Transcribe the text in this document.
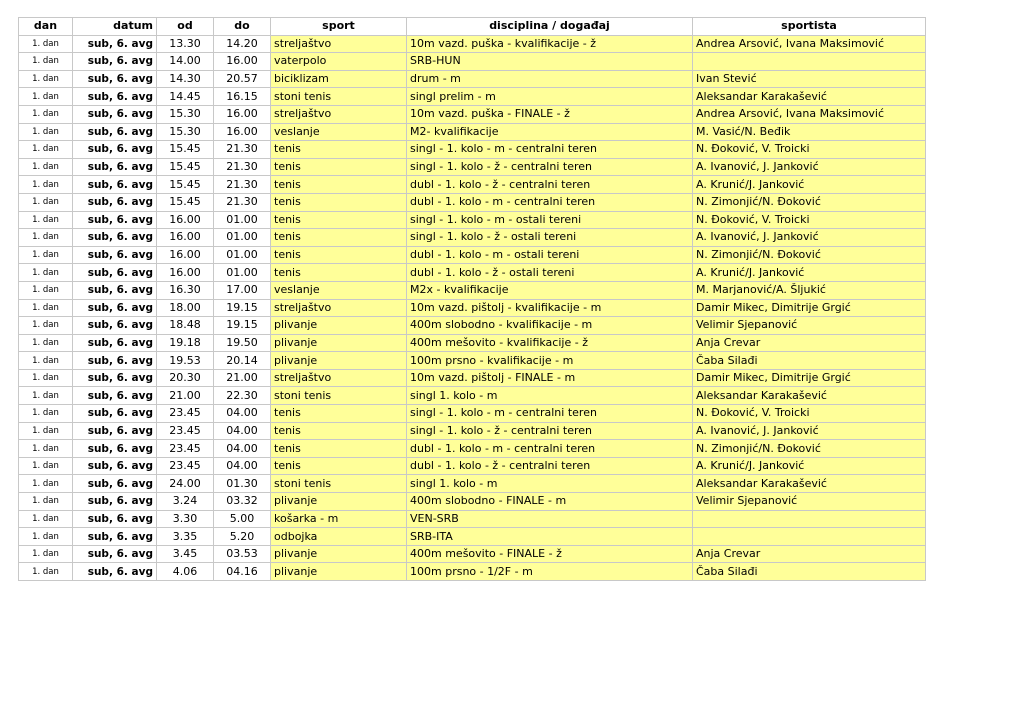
dan	datum	od	do	sport	disciplina / događaj	sportista
1. dan	sub, 6. avg	13.30	14.20	streljaštvo	10m vazd. puška - kvalifikacije - ž	Andrea Arsović, Ivana Maksimović
1. dan	sub, 6. avg	14.00	16.00	vaterpolo	SRB-HUN	
1. dan	sub, 6. avg	14.30	20.57	biciklizam	drum - m	Ivan Stević
1. dan	sub, 6. avg	14.45	16.15	stoni tenis	singl prelim - m	Aleksandar Karakašević
1. dan	sub, 6. avg	15.30	16.00	streljaštvo	10m vazd. puška - FINALE - ž	Andrea Arsović, Ivana Maksimović
1. dan	sub, 6. avg	15.30	16.00	veslanje	M2- kvalifikacije	M. Vasić/N. Beđik
1. dan	sub, 6. avg	15.45	21.30	tenis	singl - 1. kolo - m - centralni teren	N. Đoković, V. Troicki
1. dan	sub, 6. avg	15.45	21.30	tenis	singl - 1. kolo - ž - centralni teren	A. Ivanović, J. Janković
1. dan	sub, 6. avg	15.45	21.30	tenis	dubl - 1. kolo - ž - centralni teren	A. Krunić/J. Janković
1. dan	sub, 6. avg	15.45	21.30	tenis	dubl - 1. kolo - m - centralni teren	N. Zimonjić/N. Đoković
1. dan	sub, 6. avg	16.00	01.00	tenis	singl - 1. kolo - m - ostali tereni	N. Đoković, V. Troicki
1. dan	sub, 6. avg	16.00	01.00	tenis	singl - 1. kolo - ž - ostali tereni	A. Ivanović, J. Janković
1. dan	sub, 6. avg	16.00	01.00	tenis	dubl - 1. kolo - m - ostali tereni	N. Zimonjić/N. Đoković
1. dan	sub, 6. avg	16.00	01.00	tenis	dubl - 1. kolo - ž - ostali tereni	A. Krunić/J. Janković
1. dan	sub, 6. avg	16.30	17.00	veslanje	M2x - kvalifikacije	M. Marjanović/A. Šljukić
1. dan	sub, 6. avg	18.00	19.15	streljaštvo	10m vazd. pištolj - kvalifikacije - m	Damir Mikec, Dimitrije Grgić
1. dan	sub, 6. avg	18.48	19.15	plivanje	400m slobodno - kvalifikacije - m	Velimir Sjepanović
1. dan	sub, 6. avg	19.18	19.50	plivanje	400m mešovito - kvalifikacije - ž	Anja Crevar
1. dan	sub, 6. avg	19.53	20.14	plivanje	100m prsno - kvalifikacije - m	Čaba Silađi
1. dan	sub, 6. avg	20.30	21.00	streljaštvo	10m vazd. pištolj - FINALE - m	Damir Mikec, Dimitrije Grgić
1. dan	sub, 6. avg	21.00	22.30	stoni tenis	singl 1. kolo - m	Aleksandar Karakašević
1. dan	sub, 6. avg	23.45	04.00	tenis	singl - 1. kolo - m - centralni teren	N. Đoković, V. Troicki
1. dan	sub, 6. avg	23.45	04.00	tenis	singl - 1. kolo - ž - centralni teren	A. Ivanović, J. Janković
1. dan	sub, 6. avg	23.45	04.00	tenis	dubl - 1. kolo - m - centralni teren	N. Zimonjić/N. Đoković
1. dan	sub, 6. avg	23.45	04.00	tenis	dubl - 1. kolo - ž - centralni teren	A. Krunić/J. Janković
1. dan	sub, 6. avg	24.00	01.30	stoni tenis	singl 1. kolo - m	Aleksandar Karakašević
1. dan	sub, 6. avg	3.24	03.32	plivanje	400m slobodno - FINALE - m	Velimir Sjepanović
1. dan	sub, 6. avg	3.30	5.00	košarka - m	VEN-SRB	
1. dan	sub, 6. avg	3.35	5.20	odbojka	SRB-ITA	
1. dan	sub, 6. avg	3.45	03.53	plivanje	400m mešovito - FINALE - ž	Anja Crevar
1. dan	sub, 6. avg	4.06	04.16	plivanje	100m prsno - 1/2F - m	Čaba Silađi
